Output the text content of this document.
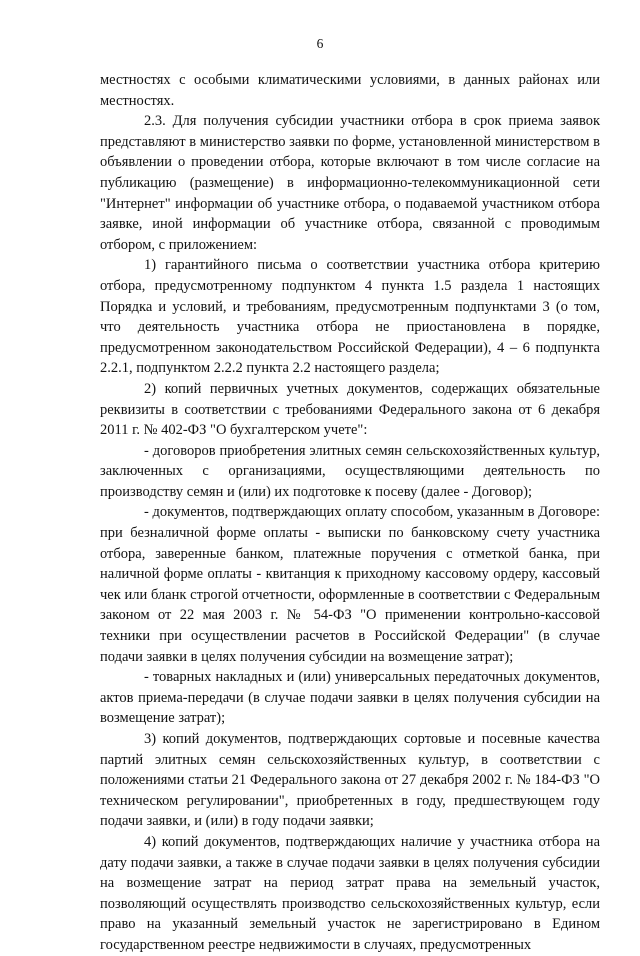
6

местностях с особыми климатическими условиями, в данных районах или местностях.

2.3. Для получения субсидии участники отбора в срок приема заявок представляют в министерство заявки по форме, установленной министерством в объявлении о проведении отбора, которые включают в том числе согласие на публикацию (размещение) в информационно-телекоммуникационной сети "Интернет" информации об участнике отбора, о подаваемой участником отбора заявке, иной информации об участнике отбора, связанной с проводимым отбором, с приложением:

1) гарантийного письма о соответствии участника отбора критерию отбора, предусмотренному подпунктом 4 пункта 1.5 раздела 1 настоящих Порядка и условий, и требованиям, предусмотренным подпунктами 3 (о том, что деятельность участника отбора не приостановлена в порядке, предусмотренном законодательством Российской Федерации), 4 – 6 подпункта 2.2.1, подпунктом 2.2.2 пункта 2.2 настоящего раздела;

2) копий первичных учетных документов, содержащих обязательные реквизиты в соответствии с требованиями Федерального закона от 6 декабря 2011 г. № 402-ФЗ "О бухгалтерском учете":

- договоров приобретения элитных семян сельскохозяйственных культур, заключенных с организациями, осуществляющими деятельность по производству семян и (или) их подготовке к посеву (далее - Договор);

- документов, подтверждающих оплату способом, указанным в Договоре: при безналичной форме оплаты - выписки по банковскому счету участника отбора, заверенные банком, платежные поручения с отметкой банка, при наличной форме оплаты - квитанция к приходному кассовому ордеру, кассовый чек или бланк строгой отчетности, оформленные в соответствии с Федеральным законом от 22 мая 2003 г. № 54-ФЗ "О применении контрольно-кассовой техники при осуществлении расчетов в Российской Федерации" (в случае подачи заявки в целях получения субсидии на возмещение затрат);

- товарных накладных и (или) универсальных передаточных документов, актов приема-передачи (в случае подачи заявки в целях получения субсидии на возмещение затрат);

3) копий документов, подтверждающих сортовые и посевные качества партий элитных семян сельскохозяйственных культур, в соответствии с положениями статьи 21 Федерального закона от 27 декабря 2002 г. № 184-ФЗ "О техническом регулировании", приобретенных в году, предшествующем году подачи заявки, и (или) в году подачи заявки;

4) копий документов, подтверждающих наличие у участника отбора на дату подачи заявки, а также в случае подачи заявки в целях получения субсидии на возмещение затрат на период затрат права на земельный участок, позволяющий осуществлять производство сельскохозяйственных культур, если право на указанный земельный участок не зарегистрировано в Едином государственном реестре недвижимости в случаях, предусмотренных
